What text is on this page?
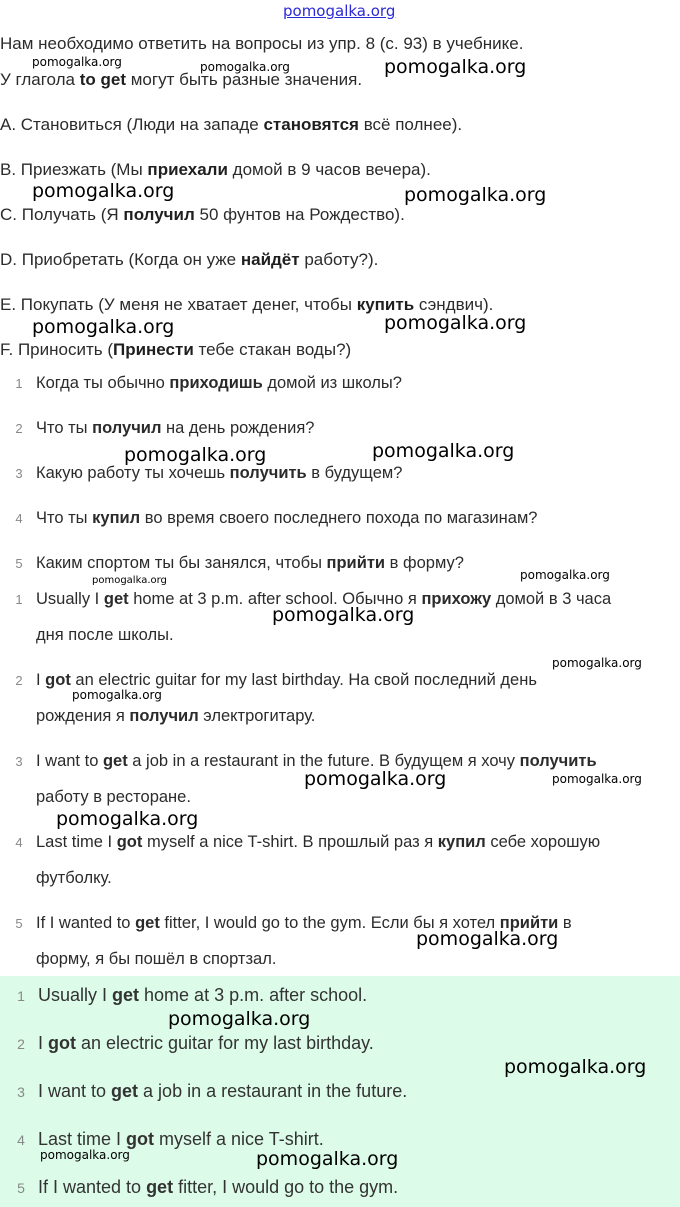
pomogalka.org
Нам необходимо ответить на вопросы из упр. 8 (с. 93) в учебнике.
У глагола to get могут быть разные значения.
A. Становиться (Люди на западе становятся всё полнее).
B. Приезжать (Мы приехали домой в 9 часов вечера).
C. Получать (Я получил 50 фунтов на Рождество).
D. Приобретать (Когда он уже найдёт работу?).
E. Покупать (У меня не хватает денег, чтобы купить сэндвич).
F. Приносить (Принести тебе стакан воды?)
1 Когда ты обычно приходишь домой из школы?
2 Что ты получил на день рождения?
3 Какую работу ты хочешь получить в будущем?
4 Что ты купил во время своего последнего похода по магазинам?
5 Каким спортом ты бы занялся, чтобы прийти в форму?
1 Usually I get home at 3 p.m. after school. Обычно я прихожу домой в 3 часа
дня после школы.
2 I got an electric guitar for my last birthday. На свой последний день
рождения я получил электрогитару.
3 I want to get a job in a restaurant in the future. В будущем я хочу получить
работу в ресторане.
4 Last time I got myself a nice T-shirt. В прошлый раз я купил себе хорошую
футболку.
5 If I wanted to get fitter, I would go to the gym. Если бы я хотел прийти в
форму, я бы пошёл в спортзал.
1 Usually I get home at 3 p.m. after school.
2 I got an electric guitar for my last birthday.
3 I want to get a job in a restaurant in the future.
4 Last time I got myself a nice T-shirt.
5 If I wanted to get fitter, I would go to the gym.
pomogalka.org	pomogalka.org	pomogalka.org
pomogalka.org	pomogalka.org
pomogalka.org	pomogalka.org
pomogalka.org	pomogalka.org
pomogalka.org	pomogalka.org
pomogalka.org
pomogalka.org
pomogalka.org
pomogalka.org	pomogalka.org
pomogalka.org
pomogalka.org
pomogalka.org
pomogalka.org
pomogalka.org	pomogalka.org
